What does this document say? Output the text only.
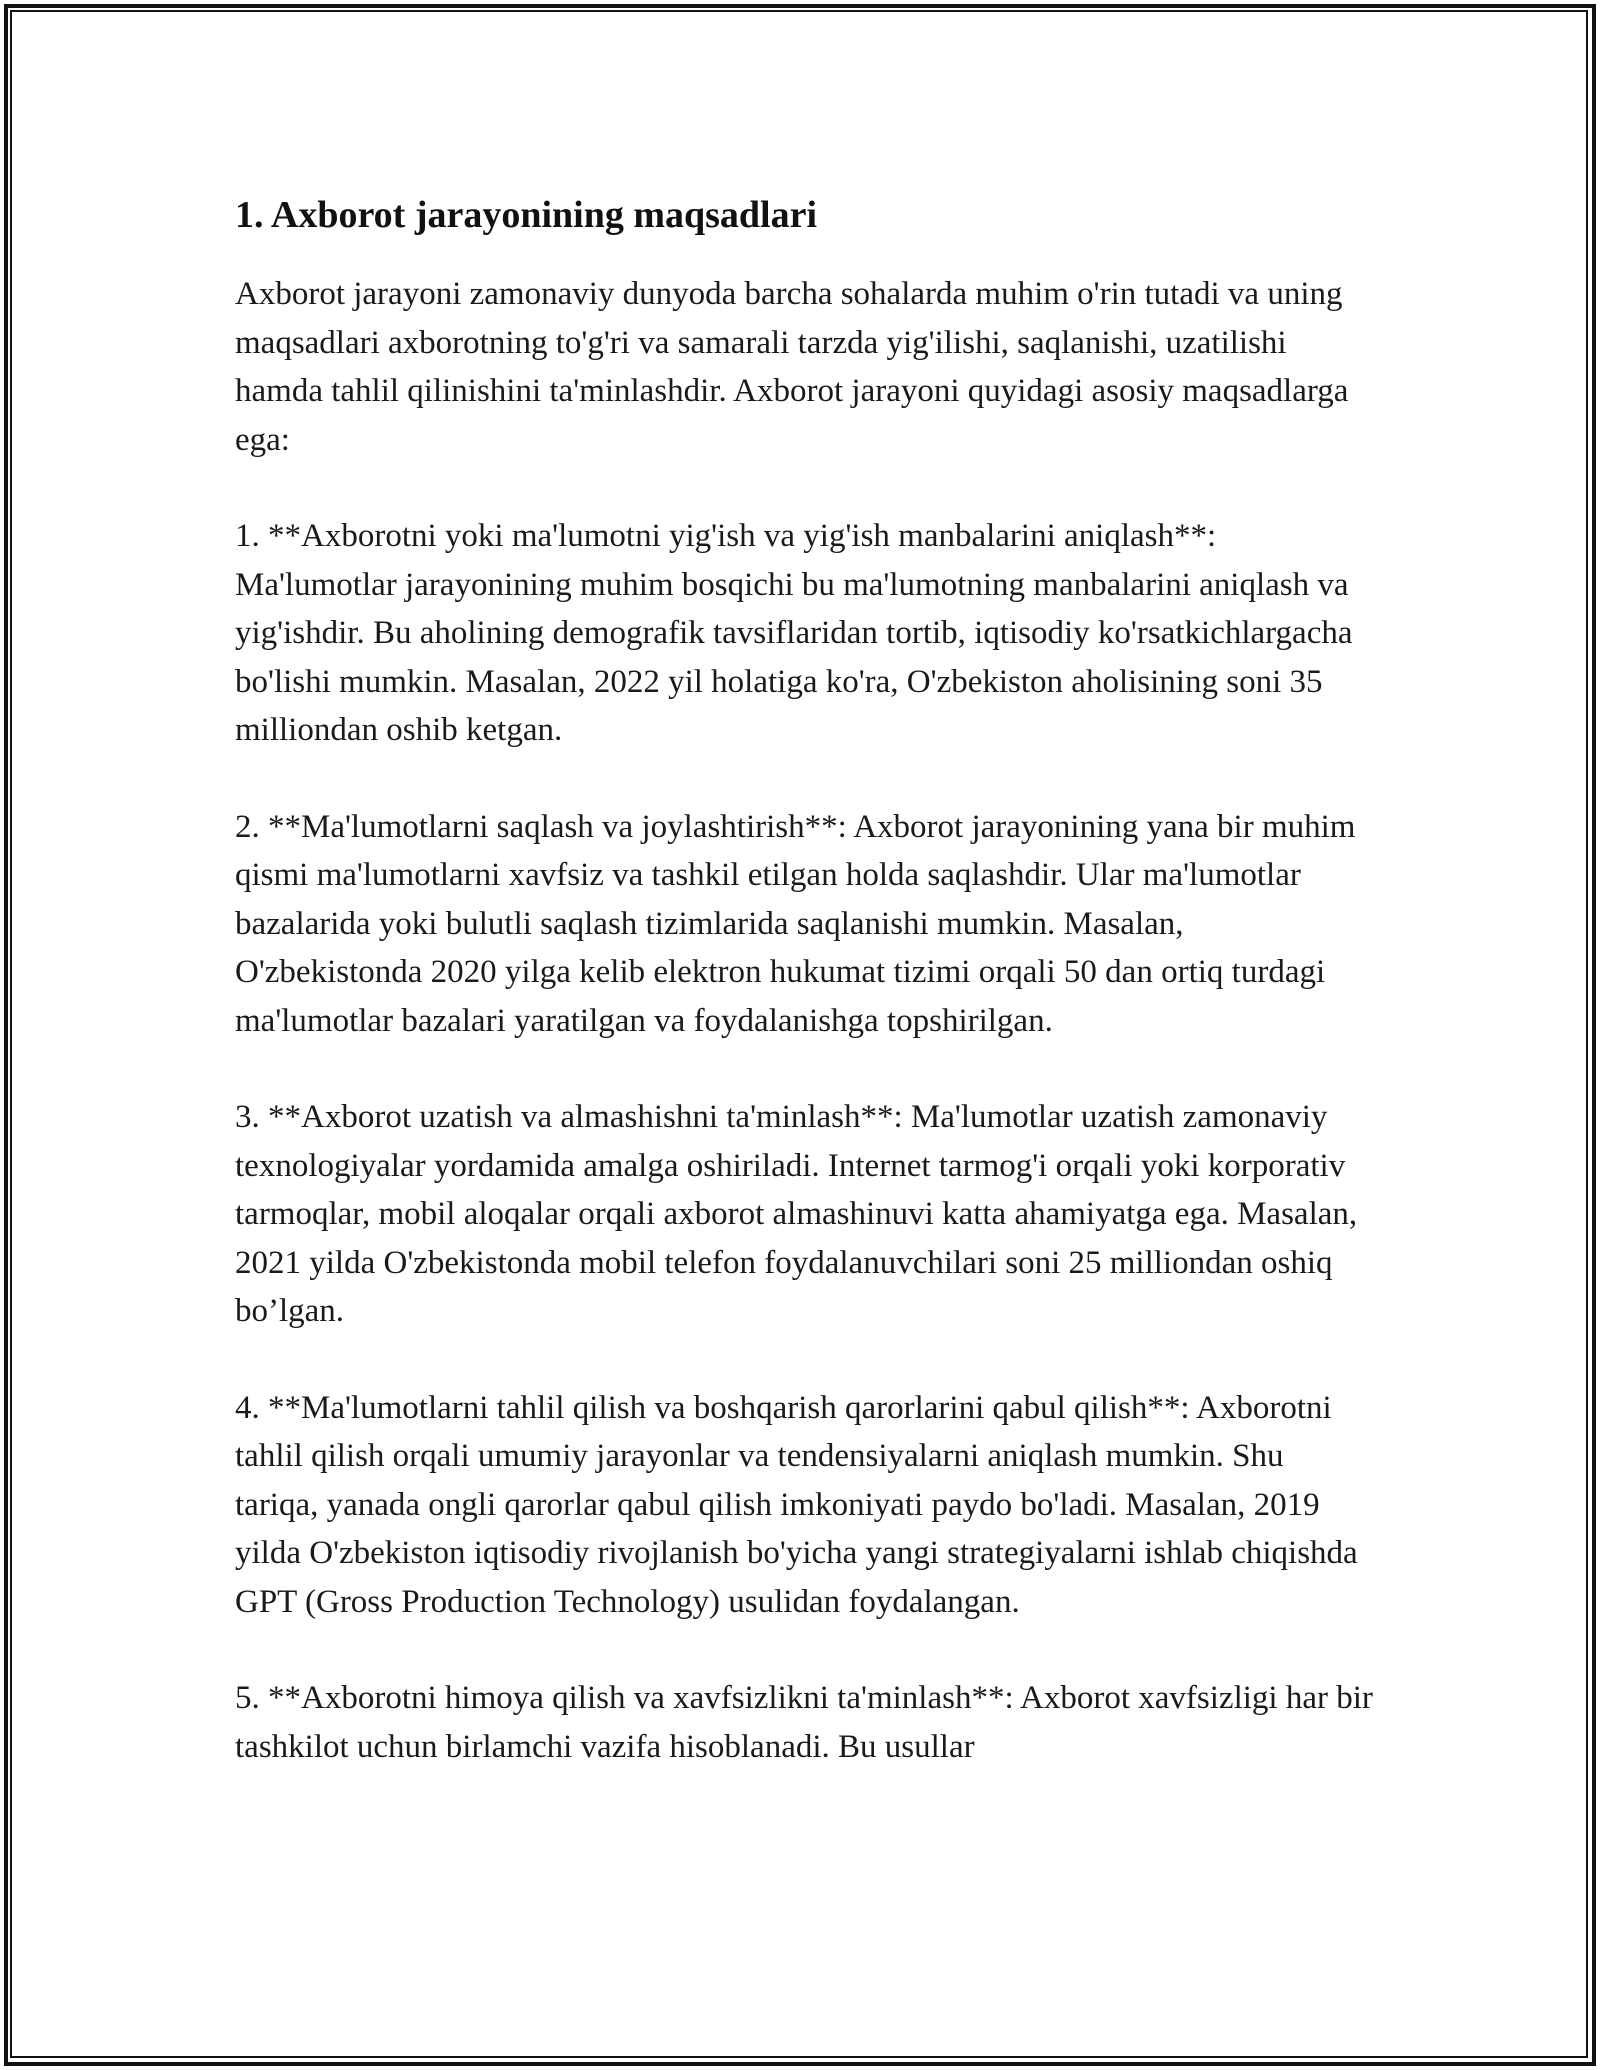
1. Axborot jarayonining maqsadlari

Axborot jarayoni zamonaviy dunyoda barcha sohalarda muhim o'rin tutadi va uning maqsadlari axborotning to'g'ri va samarali tarzda yig'ilishi, saqlanishi, uzatilishi hamda tahlil qilinishini ta'minlashdir. Axborot jarayoni quyidagi asosiy maqsadlarga ega:

1. **Axborotni yoki ma'lumotni yig'ish va yig'ish manbalarini aniqlash**: Ma'lumotlar jarayonining muhim bosqichi bu ma'lumotning manbalarini aniqlash va yig'ishdir. Bu aholining demografik tavsiflaridan tortib, iqtisodiy ko'rsatkichlargacha bo'lishi mumkin. Masalan, 2022 yil holatiga ko'ra, O'zbekiston aholisining soni 35 milliondan oshib ketgan.

2. **Ma'lumotlarni saqlash va joylashtirish**: Axborot jarayonining yana bir muhim qismi ma'lumotlarni xavfsiz va tashkil etilgan holda saqlashdir. Ular ma'lumotlar bazalarida yoki bulutli saqlash tizimlarida saqlanishi mumkin. Masalan, O'zbekistonda 2020 yilga kelib elektron hukumat tizimi orqali 50 dan ortiq turdagi ma'lumotlar bazalari yaratilgan va foydalanishga topshirilgan.

3. **Axborot uzatish va almashishni ta'minlash**: Ma'lumotlar uzatish zamonaviy texnologiyalar yordamida amalga oshiriladi. Internet tarmog'i orqali yoki korporativ tarmoqlar, mobil aloqalar orqali axborot almashinuvi katta ahamiyatga ega. Masalan, 2021 yilda O'zbekistonda mobil telefon foydalanuvchilari soni 25 milliondan oshiq bo’lgan.

4. **Ma'lumotlarni tahlil qilish va boshqarish qarorlarini qabul qilish**: Axborotni tahlil qilish orqali umumiy jarayonlar va tendensiyalarni aniqlash mumkin. Shu tariqa, yanada ongli qarorlar qabul qilish imkoniyati paydo bo'ladi. Masalan, 2019 yilda O'zbekiston iqtisodiy rivojlanish bo'yicha yangi strategiyalarni ishlab chiqishda GPT (Gross Production Technology) usulidan foydalangan.

5. **Axborotni himoya qilish va xavfsizlikni ta'minlash**: Axborot xavfsizligi har bir tashkilot uchun birlamchi vazifa hisoblanadi. Bu usullar
